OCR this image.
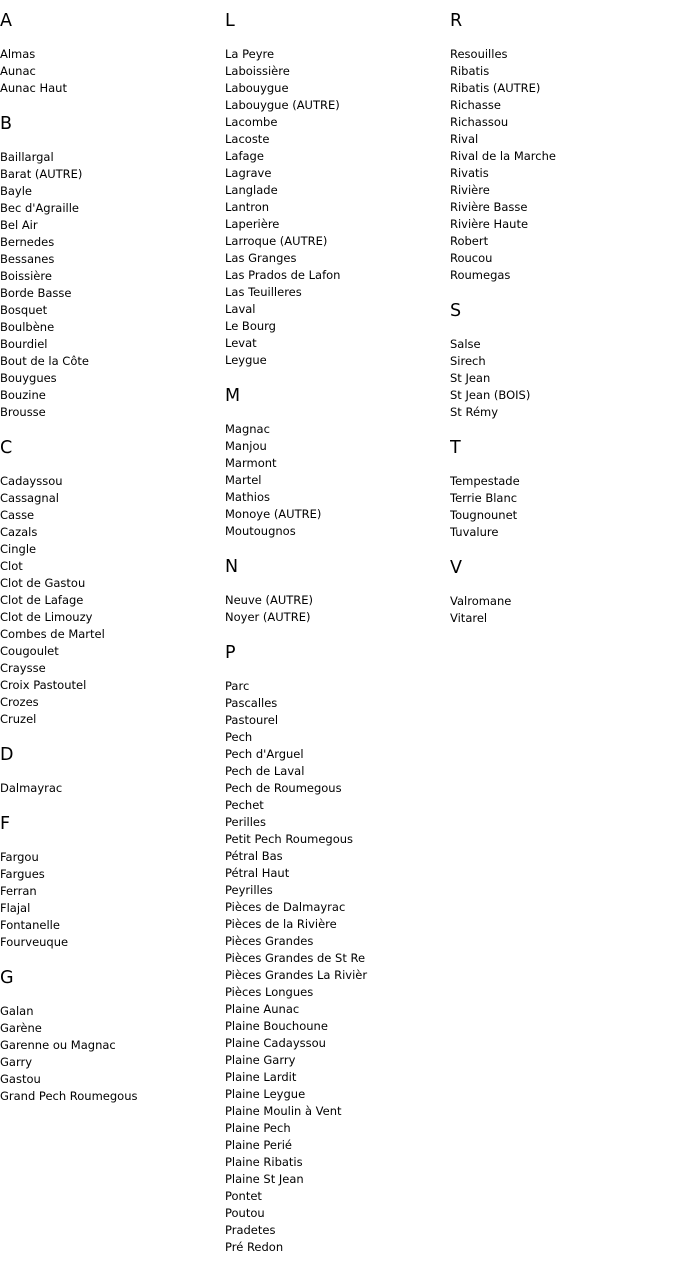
A
Almas
Aunac
Aunac Haut
B
Baillargal
Barat (AUTRE)
Bayle
Bec d'Agraille
Bel Air
Bernedes
Bessanes
Boissière
Borde Basse
Bosquet
Boulbène
Bourdiel
Bout de la Côte
Bouygues
Bouzine
Brousse
C
Cadayssou
Cassagnal
Casse
Cazals
Cingle
Clot
Clot de Gastou
Clot de Lafage
Clot de Limouzy
Combes de Martel
Cougoulet
Craysse
Croix Pastoutel
Crozes
Cruzel
D
Dalmayrac
F
Fargou
Fargues
Ferran
Flajal
Fontanelle
Fourveuque
G
Galan
Garène
Garenne ou Magnac
Garry
Gastou
Grand Pech Roumegous
L
La Peyre
Laboissière
Labouygue
Labouygue (AUTRE)
Lacombe
Lacoste
Lafage
Lagrave
Langlade
Lantron
Laperière
Larroque (AUTRE)
Las Granges
Las Prados de Lafon
Las Teuilleres
Laval
Le Bourg
Levat
Leygue
M
Magnac
Manjou
Marmont
Martel
Mathios
Monoye (AUTRE)
Moutougnos
N
Neuve (AUTRE)
Noyer (AUTRE)
P
Parc
Pascalles
Pastourel
Pech
Pech d'Arguel
Pech de Laval
Pech de Roumegous
Pechet
Perilles
Petit Pech Roumegous
Pétral Bas
Pétral Haut
Peyrilles
Pièces de Dalmayrac
Pièces de la Rivière
Pièces Grandes
Pièces Grandes de St Re
Pièces Grandes La Rivièr
Pièces Longues
Plaine Aunac
Plaine Bouchoune
Plaine Cadayssou
Plaine Garry
Plaine Lardit
Plaine Leygue
Plaine Moulin à Vent
Plaine Pech
Plaine Perié
Plaine Ribatis
Plaine St Jean
Pontet
Poutou
Pradetes
Pré Redon
R
Resouilles
Ribatis
Ribatis (AUTRE)
Richasse
Richassou
Rival
Rival de la Marche
Rivatis
Rivière
Rivière Basse
Rivière Haute
Robert
Roucou
Roumegas
S
Salse
Sirech
St Jean
St Jean (BOIS)
St Rémy
T
Tempestade
Terrie Blanc
Tougnounet
Tuvalure
V
Valromane
Vitarel
